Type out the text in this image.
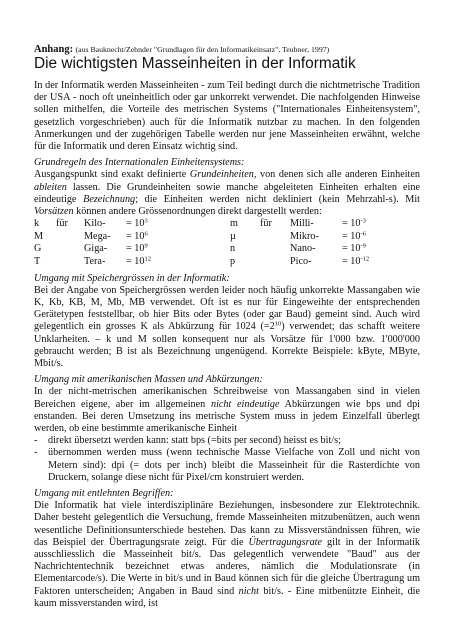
Anhang: (aus Bauknecht/Zehnder "Grundlagen für den Informatikeinsatz", Teubner, 1997)

Die wichtigsten Masseinheiten in der Informatik

In der Informatik werden Masseinheiten - zum Teil bedingt durch die nichtmetrische Tradition der USA - noch oft uneinheitlich oder gar unkorrekt verwendet. Die nachfolgenden Hinweise sollen mithelfen, die Vorteile des metrischen Systems ("Internationales Einheitensystem", gesetzlich vorgeschrieben) auch für die Informatik nutzbar zu machen. In den folgenden Anmerkungen und der zugehörigen Tabelle werden nur jene Masseinheiten erwähnt, welche für die Informatik und deren Einsatz wichtig sind.

Grundregeln des Internationalen Einheitensystems:

Ausgangspunkt sind exakt definierte Grundeinheiten, von denen sich alle anderen Einheiten ableiten lassen. Die Grundeinheiten sowie manche abgeleiteten Einheiten erhalten eine eindeutige Bezeichnung; die Einheiten werden nicht dekliniert (kein Mehrzahl-s). Mit Vorsätzen können andere Grössenordnungen direkt dargestellt werden:

k	für	Kilo-	= $10^3$	m	für	Milli-	= $10^{-3}$
M		Mega-	= $10^6$	µ		Mikro-	= $10^{-6}$
G		Giga-	= $10^9$	n		Nano-	= $10^{-9}$
T		Tera-	= $10^{12}$	p		Pico-	= $10^{-12}$

Umgang mit Speichergrössen in der Informatik:

Bei der Angabe von Speichergrössen werden leider noch häufig unkorrekte Massangaben wie K, Kb, KB, M, Mb, MB verwendet. Oft ist es nur für Eingeweihte der entsprechenden Gerätetypen feststellbar, ob hier Bits oder Bytes (oder gar Baud) gemeint sind. Auch wird gelegentlich ein grosses K als Abkürzung für 1024 $(=2^{10})$ verwendet; das schafft weitere Unklarheiten. – k und M sollen konsequent nur als Vorsätze für 1'000 bzw. 1'000'000 gebraucht werden; B ist als Bezeichnung ungenügend. Korrekte Beispiele: kByte, MByte, Mbit/s.

Umgang mit amerikanischen Massen und Abkürzungen:

In der nicht-metrischen amerikanischen Schreibweise von Massangaben sind in vielen Bereichen eigene, aber im allgemeinen nicht eindeutige Abkürzungen wie bps und dpi enstanden. Bei deren Umsetzung ins metrische System muss in jedem Einzelfall überlegt werden, ob eine bestimmte amerikanische Einheit

- direkt übersetzt werden kann: statt bps (=bits per second) heisst es bit/s;
- übernommen werden muss (wenn technische Masse Vielfache von Zoll und nicht von Metern sind): dpi (= dots per inch) bleibt die Masseinheit für die Rasterdichte von Druckern, solange diese nicht für Pixel/cm konstruiert werden.

Umgang mit entlehnten Begriffen:

Die Informatik hat viele interdisziplinäre Beziehungen, insbesondere zur Elektrotechnik. Daher besteht gelegentlich die Versuchung, fremde Masseinheiten mitzubenützen, auch wenn wesentliche Definitionsunterschiede bestehen. Das kann zu Missverständnissen führen, wie das Beispiel der Übertragungsrate zeigt. Für die Übertragungsrate gilt in der Informatik ausschliesslich die Masseinheit bit/s. Das gelegentlich verwendete "Baud" aus der Nachrichtentechnik bezeichnet etwas anderes, nämlich die Modulationsrate (in Elementarcode/s). Die Werte in bit/s und in Baud können sich für die gleiche Übertragung um Faktoren unterscheiden; Angaben in Baud sind nicht bit/s. - Eine mitbenützte Einheit, die kaum missverstanden wird, ist
